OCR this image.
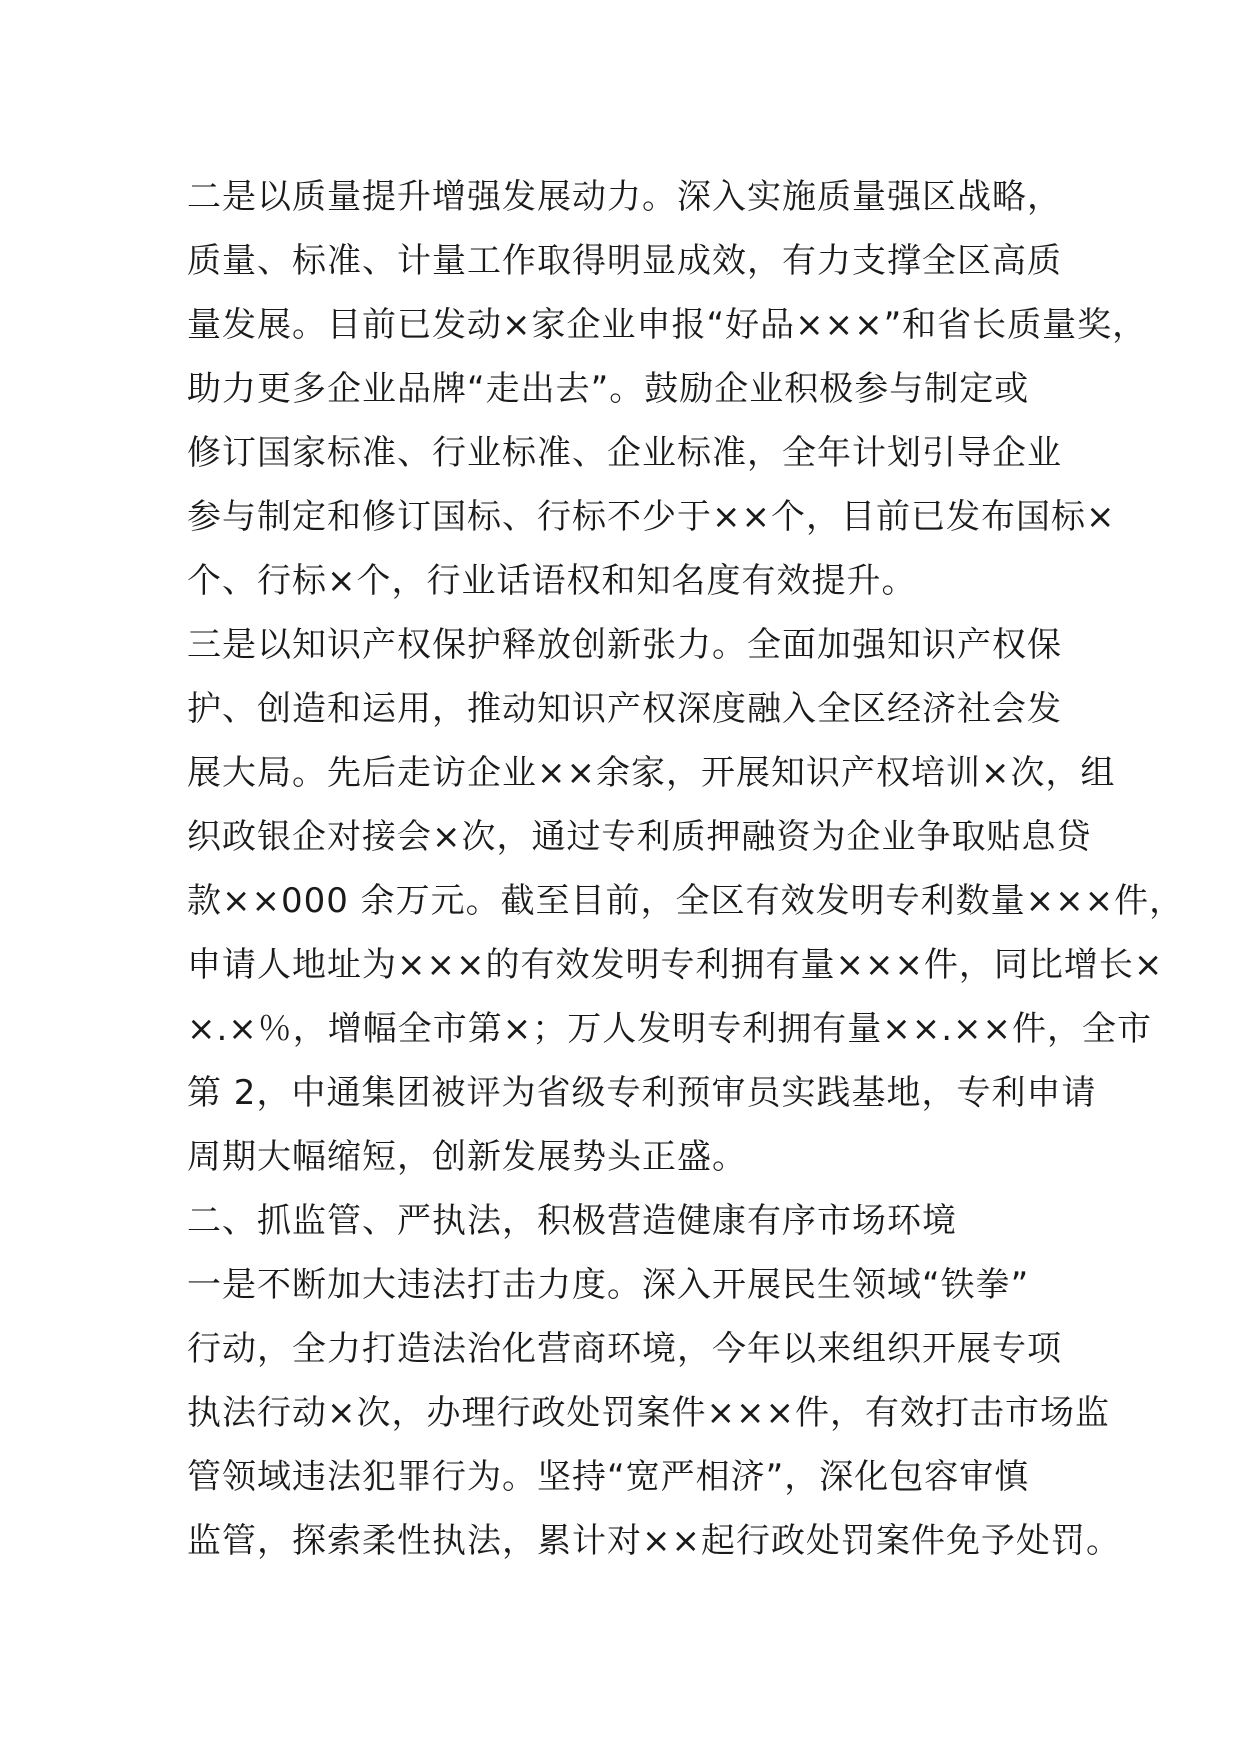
二是以质量提升增强发展动力。深入实施质量强区战略，
质量、标准、计量工作取得明显成效，有力支撑全区高质
量发展。目前已发动×家企业申报“好品×××”和省长质量奖，
助力更多企业品牌“走出去”。鼓励企业积极参与制定或
修订国家标准、行业标准、企业标准，全年计划引导企业
参与制定和修订国标、行标不少于××个，目前已发布国标×
个、行标×个，行业话语权和知名度有效提升。
三是以知识产权保护释放创新张力。全面加强知识产权保
护、创造和运用，推动知识产权深度融入全区经济社会发
展大局。先后走访企业××余家，开展知识产权培训×次，组
织政银企对接会×次，通过专利质押融资为企业争取贴息贷
款××000 余万元。截至目前，全区有效发明专利数量×××件，
申请人地址为×××的有效发明专利拥有量×××件，同比增长×
×.×％，增幅全市第×；万人发明专利拥有量××.××件，全市
第 2，中通集团被评为省级专利预审员实践基地，专利申请
周期大幅缩短，创新发展势头正盛。
二、抓监管、严执法，积极营造健康有序市场环境
一是不断加大违法打击力度。深入开展民生领域“铁拳”
行动，全力打造法治化营商环境，今年以来组织开展专项
执法行动×次，办理行政处罚案件×××件，有效打击市场监
管领域违法犯罪行为。坚持“宽严相济”，深化包容审慎
监管，探索柔性执法，累计对××起行政处罚案件免予处罚。
